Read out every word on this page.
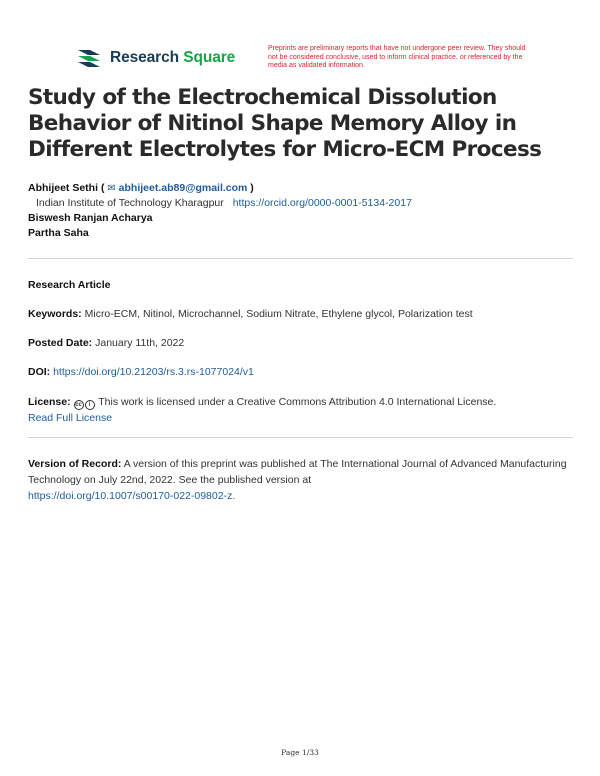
Research Square
Preprints are preliminary reports that have not undergone peer review. They should not be considered conclusive, used to inform clinical practice, or referenced by the media as validated information.
Study of the Electrochemical Dissolution Behavior of Nitinol Shape Memory Alloy in Different Electrolytes for Micro-ECM Process
Abhijeet Sethi ( ✉ abhijeet.ab89@gmail.com )
Indian Institute of Technology Kharagpur https://orcid.org/0000-0001-5134-2017
Biswesh Ranjan Acharya
Partha Saha
Research Article
Keywords: Micro-ECM, Nitinol, Microchannel, Sodium Nitrate, Ethylene glycol, Polarization test
Posted Date: January 11th, 2022
DOI: https://doi.org/10.21203/rs.3.rs-1077024/v1
License: cc i This work is licensed under a Creative Commons Attribution 4.0 International License.
Read Full License
Version of Record: A version of this preprint was published at The International Journal of Advanced Manufacturing Technology on July 22nd, 2022. See the published version at
https://doi.org/10.1007/s00170-022-09802-z.
Page 1/33
